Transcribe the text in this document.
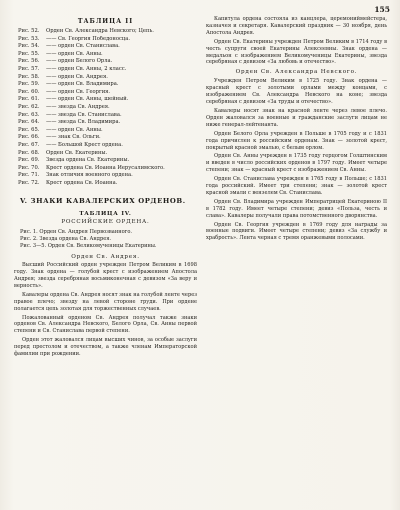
155
ТАБЛИЦА II
Рис. 52. Орден Св. Александра Невского; Цепь.
Рис. 53. —— Св. Георгия Победоносца.
Рис. 54. —— орден Св. Станислава.
Рис. 55. —— орден Св. Анны.
Рис. 56. —— орден Белого Орла.
Рис. 57. —— орден Св. Анны, 2 класс.
Рис. 58. —— орден Св. Андрея.
Рис. 59. —— орден Св. Владимира.
Рис. 60. —— орден Св. Георгия.
Рис. 61. —— орден Св. Анны, шейный.
Рис. 62. —— звезда Св. Андрея.
Рис. 63. —— звезда Св. Станислава.
Рис. 64. —— звезда Св. Владимира.
Рис. 65. —— орден Св. Анны.
Рис. 66. —— знак Св. Ольги.
Рис. 67. —— Большой Крест ордена.
Рис. 68. Орден Св. Екатерины.
Рис. 69. Звезда ордена Св. Екатерины.
Рис. 70. Крест ордена Св. Иоанна Иерусалимского.
Рис. 71. Знак отличия военного ордена.
Рис. 72. Крест ордена Св. Иоанна.
V. ЗНАКИ КАВАЛЕРСКИХ ОРДЕНОВ.
ТАБЛИЦА IV.
РОССИЙСКИЕ ОРДЕНА.

Рис. 1. Орден Св. Андрея Первозванного.

Рис. 2. Звезда ордена Св. Андрея.

Рис. 3—5. Орден Св. Великомученицы Екатерины.

Орден Св. Андрея.

Высший Российский орден учрежден Петром Великим в 1698 году. Знак ордена — голубой крест с изображением Апостола Андрея; звезда серебряная восьмиконечная с девизом «За веру и верность».

Кавалеры ордена Св. Андрея носят знак на голубой ленте через правое плечо; звезду на левой стороне груди. При ордене полагается цепь золотая для торжественных случаев.

Пожалованный орденом Св. Андрея получал также знаки орденов Св. Александра Невского, Белого Орла, Св. Анны первой степени и Св. Станислава первой степени.

Орден этот жаловался лицам высших чинов, за особые заслуги перед престолом и отечеством, а также членам Императорской фамилии при рождении.

Капитула ордена состояла из канцлера, церемониймейстера, казначея и секретаря. Кавалерский праздник — 30 ноября, день Апостола Андрея.

Орден Св. Екатерины учрежден Петром Великим в 1714 году в честь супруги своей Екатерины Алексеевны. Знак ордена — медальон с изображением Великомученицы Екатерины, звезда серебряная с девизом «За любовь и отечество».

Орден Св. Александра Невского.

Учрежден Петром Великим в 1725 году. Знак ордена — красный крест с золотыми орлами между концами, с изображением Св. Александра Невского на коне; звезда серебряная с девизом «За труды и отечество».

Кавалеры носят знак на красной ленте через левое плечо. Орден жаловался за военные и гражданские заслуги лицам не ниже генерал-лейтенанта.

Орден Белого Орла учрежден в Польше в 1705 году и с 1831 года причислен к российским орденам. Знак — золотой крест, покрытый красной эмалью, с белым орлом.

Орден Св. Анны учрежден в 1735 году герцогом Голштинским и введен в число российских орденов в 1797 году. Имеет четыре степени; знак — красный крест с изображением Св. Анны.

Орден Св. Станислава учрежден в 1765 году в Польше; с 1831 года российский. Имеет три степени; знак — золотой крест красной эмали с вензелем Св. Станислава.

Орден Св. Владимира учрежден Императрицей Екатериною II в 1782 году. Имеет четыре степени; девиз «Польза, честь и слава». Кавалеры получали права потомственного дворянства.

Орден Св. Георгия учрежден в 1769 году для награды за военные подвиги. Имеет четыре степени; девиз «За службу и храбрость». Лента черная с тремя оранжевыми полосами.
